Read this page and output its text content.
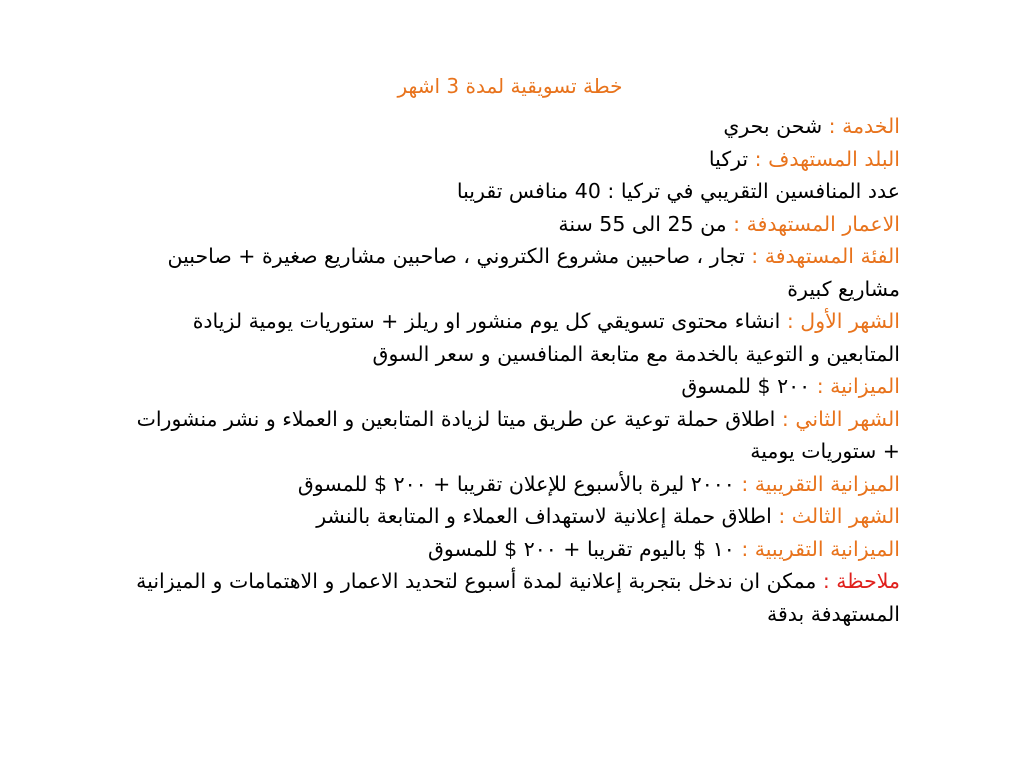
خطة تسويقية لمدة 3 اشهر

الخدمة : شحن بحري

البلد المستهدف : تركيا

عدد المنافسين التقريبي في تركيا : 40 منافس تقريبا

الاعمار المستهدفة : من 25 الى 55 سنة

الفئة المستهدفة : تجار ، صاحبين مشروع الكتروني ، صاحبين مشاريع صغيرة + صاحبين مشاريع كبيرة

الشهر الأول : انشاء محتوى تسويقي كل يوم منشور او ريلز + ستوريات يومية لزيادة المتابعين و التوعية بالخدمة مع متابعة المنافسين و سعر السوق

الميزانية : ٢٠٠ $ للمسوق

الشهر الثاني : اطلاق حملة توعية عن طريق ميتا لزيادة المتابعين و العملاء و نشر منشورات + ستوريات يومية

الميزانية التقريبية : ٢٠٠٠ ليرة بالأسبوع للإعلان تقريبا + ٢٠٠ $ للمسوق

الشهر الثالث : اطلاق حملة إعلانية لاستهداف العملاء و المتابعة بالنشر

الميزانية التقريبية : ١٠ $ باليوم تقريبا + ٢٠٠ $ للمسوق

ملاحظة : ممكن ان ندخل بتجربة إعلانية لمدة أسبوع لتحديد الاعمار و الاهتمامات و الميزانية المستهدفة بدقة
